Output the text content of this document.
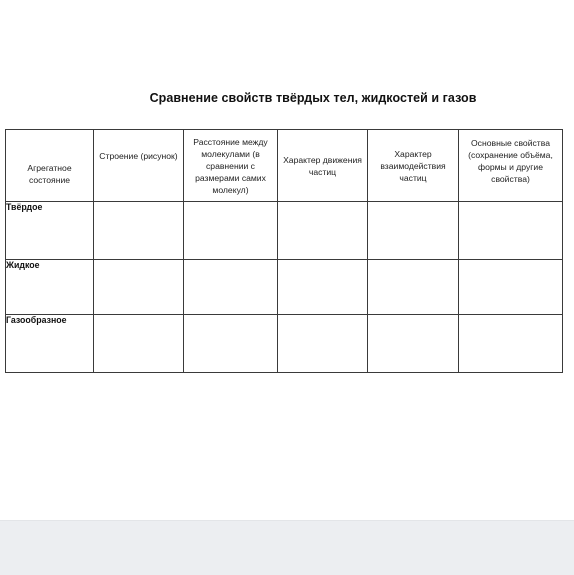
Сравнение свойств твёрдых тел, жидкостей и газов
Агрегатное состояние	Строение (рисунок)	Расстояние между молекулами (в сравнении с размерами самих молекул)	Характер движения частиц	Характер взаимодействия частиц	Основные свойства (сохранение объёма, формы и другие свойства)
Твёрдое					
Жидкое					
Газообразное					
